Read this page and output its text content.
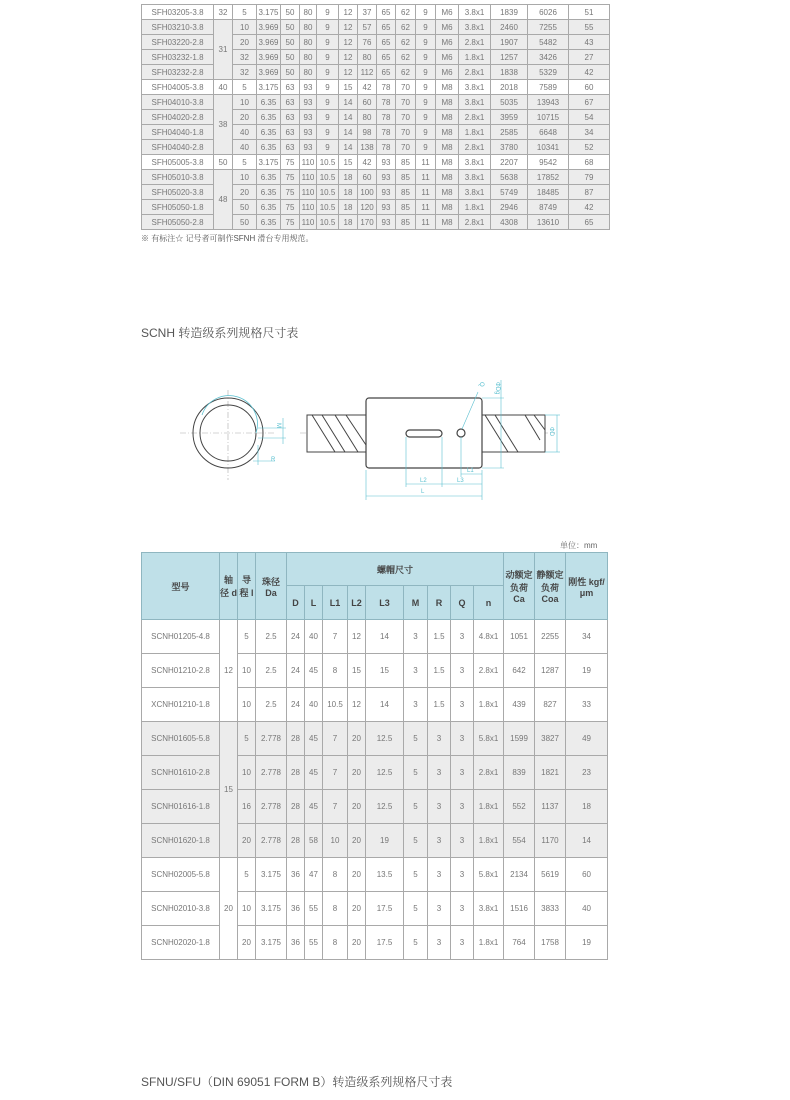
SFH03205-3.8	32	5	3.175	50	80	9	12	37	65	62	9	M6	3.8x1	1839	6026	51
SFH03210-3.8	31	10	3.969	50	80	9	12	57	65	62	9	M6	3.8x1	2460	7255	55
SFH03220-2.8		20	3.969	50	80	9	12	76	65	62	9	M6	2.8x1	1907	5482	43
SFH03232-1.8		32	3.969	50	80	9	12	80	65	62	9	M6	1.8x1	1257	3426	27
SFH03232-2.8		32	3.969	50	80	9	12	112	65	62	9	M6	2.8x1	1838	5329	42
SFH04005-3.8	40	5	3.175	63	93	9	15	42	78	70	9	M8	3.8x1	2018	7589	60
SFH04010-3.8	38	10	6.35	63	93	9	14	60	78	70	9	M8	3.8x1	5035	13943	67
SFH04020-2.8		20	6.35	63	93	9	14	80	78	70	9	M8	2.8x1	3959	10715	54
SFH04040-1.8		40	6.35	63	93	9	14	98	78	70	9	M8	1.8x1	2585	6648	34
SFH04040-2.8		40	6.35	63	93	9	14	138	78	70	9	M8	2.8x1	3780	10341	52
SFH05005-3.8	50	5	3.175	75	110	10.5	15	42	93	85	11	M8	3.8x1	2207	9542	68
SFH05010-3.8	48	10	6.35	75	110	10.5	18	60	93	85	11	M8	3.8x1	5638	17852	79
SFH05020-3.8		20	6.35	75	110	10.5	18	100	93	85	11	M8	3.8x1	5749	18485	87
SFH05050-1.8		50	6.35	75	110	10.5	18	120	93	85	11	M8	1.8x1	2946	8749	42
SFH05050-2.8		50	6.35	75	110	10.5	18	170	93	85	11	M8	2.8x1	4308	13610	65
※ 有标注☆ 记号者可制作SFNH 滑台专用规范。
SCNH 转造级系列规格尺寸表
M
R
L
L2	L3
L1
Q ΦDg
ΦD
单位：mm
型号	轴径 d	导程 l	珠径 Da	螺帽尺寸									动额定 负荷 Ca	静额定 负荷 Coa	刚性 kgf/μm
				D	L	L1	L2	L3	M	R	Q	n			
SCNH01205-4.8	12	5	2.5	24	40	7	12	14	3	1.5	3	4.8x1	1051	2255	34
SCNH01210-2.8		10	2.5	24	45	8	15	15	3	1.5	3	2.8x1	642	1287	19
XCNH01210-1.8		10	2.5	24	40	10.5	12	14	3	1.5	3	1.8x1	439	827	33
SCNH01605-5.8	15	5	2.778	28	45	7	20	12.5	5	3	3	5.8x1	1599	3827	49
SCNH01610-2.8		10	2.778	28	45	7	20	12.5	5	3	3	2.8x1	839	1821	23
SCNH01616-1.8		16	2.778	28	45	7	20	12.5	5	3	3	1.8x1	552	1137	18
SCNH01620-1.8		20	2.778	28	58	10	20	19	5	3	3	1.8x1	554	1170	14
SCNH02005-5.8	20	5	3.175	36	47	8	20	13.5	5	3	3	5.8x1	2134	5619	60
SCNH02010-3.8		10	3.175	36	55	8	20	17.5	5	3	3	3.8x1	1516	3833	40
SCNH02020-1.8		20	3.175	36	55	8	20	17.5	5	3	3	1.8x1	764	1758	19
SFNU/SFU（DIN 69051 FORM B）转造级系列规格尺寸表
